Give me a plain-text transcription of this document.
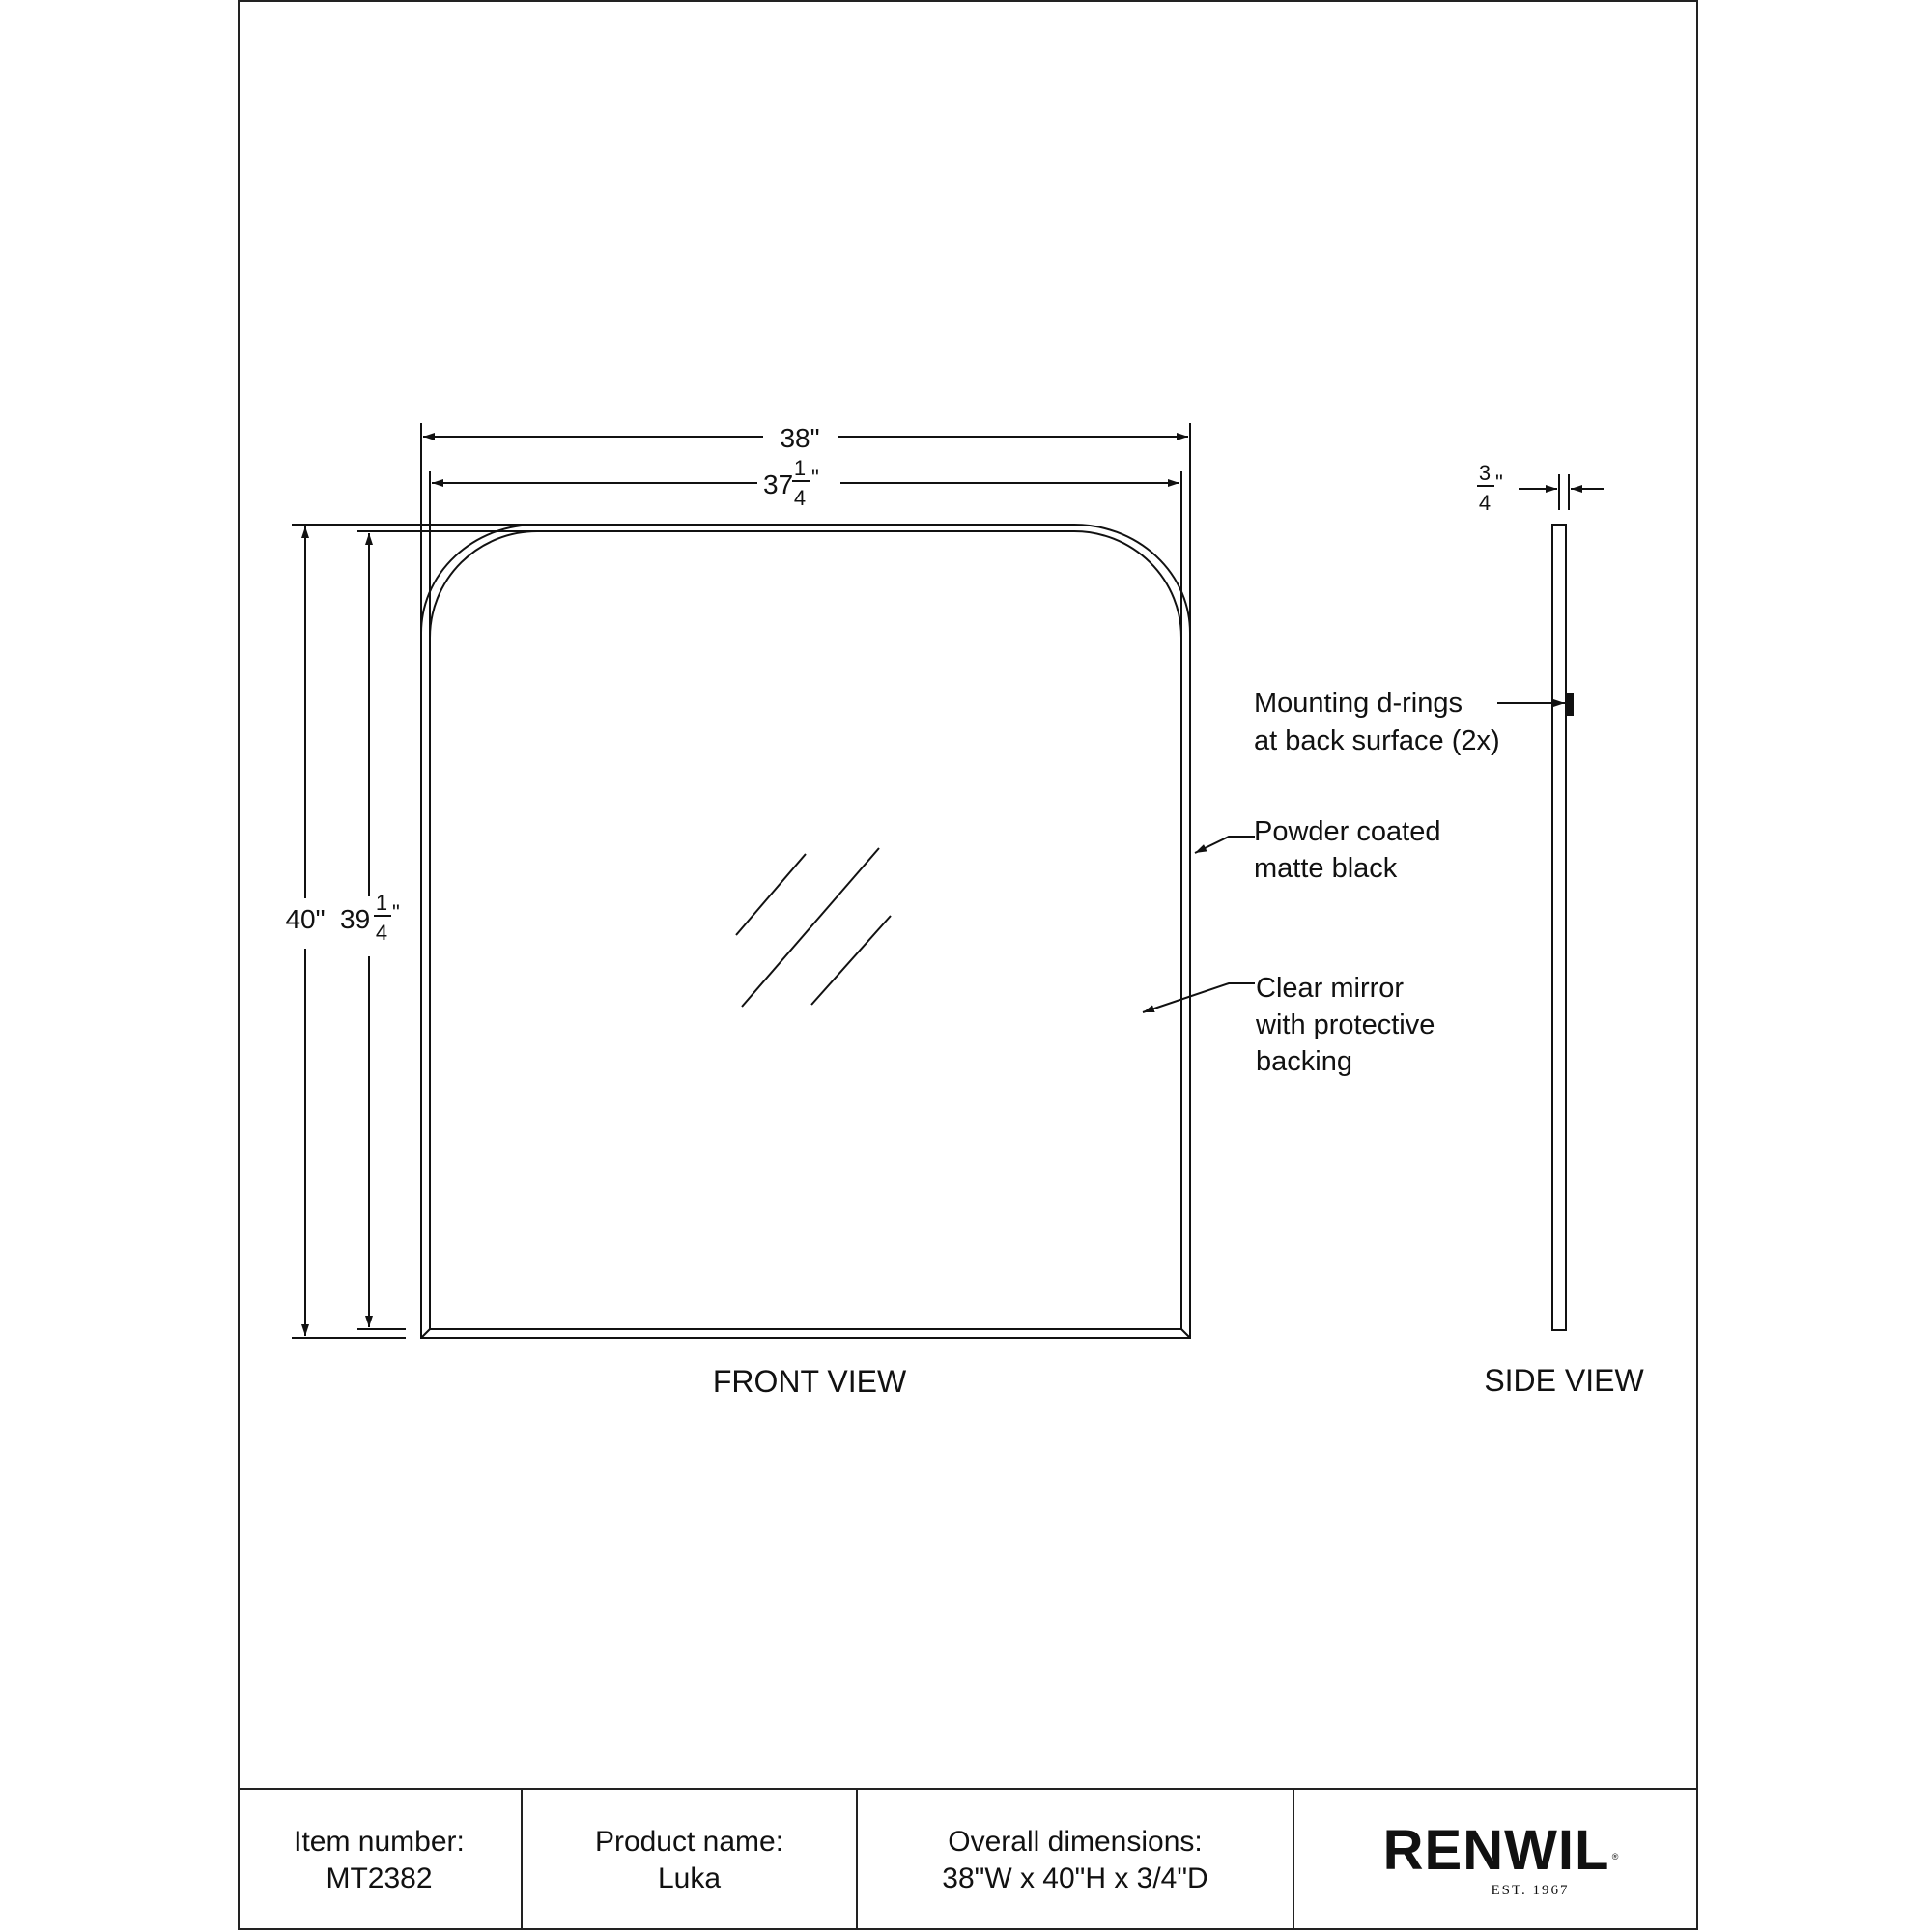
38"
37
1
4
"
40" 39
1
4
"
FRONT VIEW
Powder coated
matte black
Clear mirror
with protective
backing
Mounting d-rings
at back surface (2x)
3
4
"
SIDE VIEW
Item number:
MT2382
Product name:
Luka
Overall dimensions:
38"W x 40"H x 3/4"D	RENWIL ®
EST. 1967
